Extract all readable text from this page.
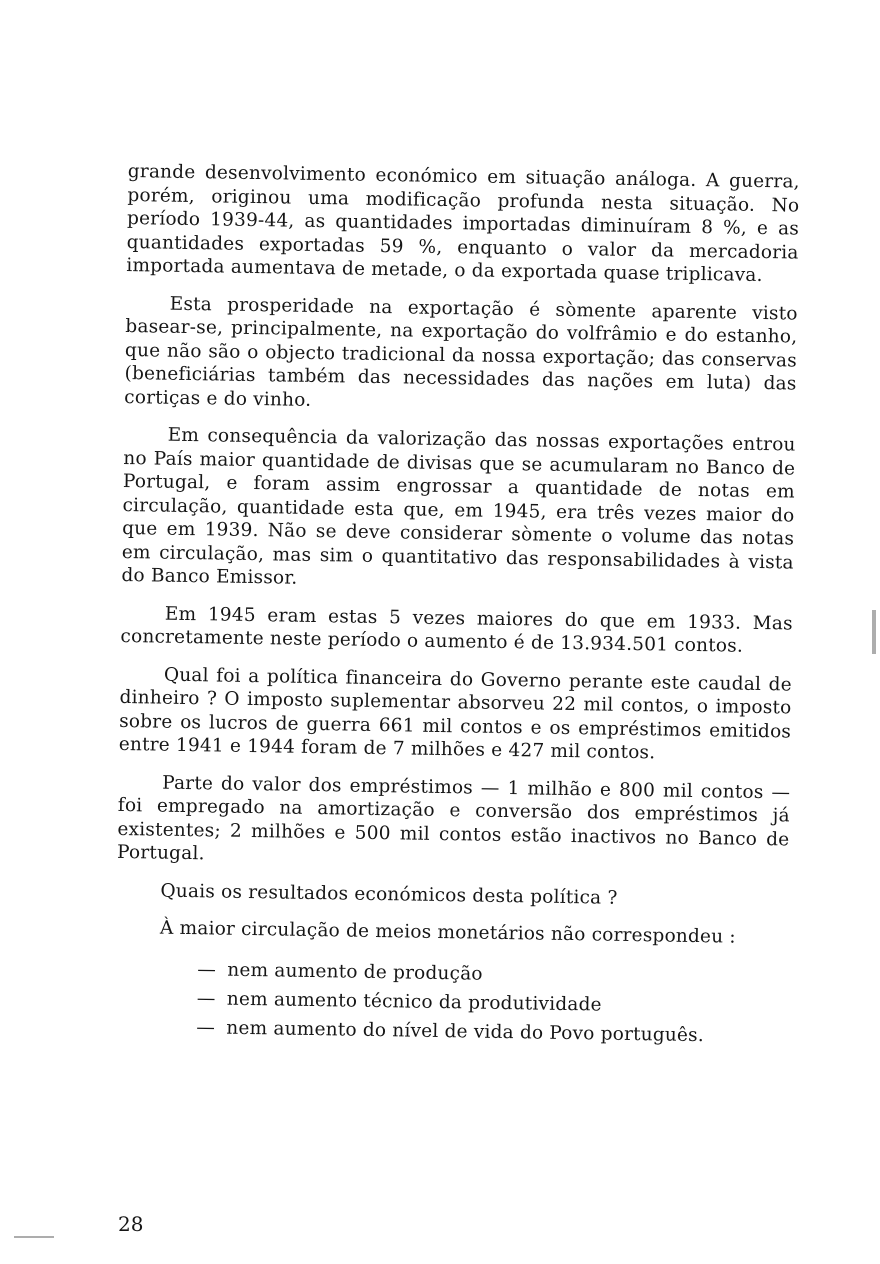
grande desenvolvimento económico em situação análoga. A guerra, porém, originou uma modificação profunda nesta situação. No período 1939-44, as quantidades importadas diminuíram 8 %, e as quantidades exportadas 59 %, enquanto o valor da mercadoria importada aumentava de metade, o da exportada quase triplicava.

Esta prosperidade na exportação é sòmente aparente visto basear-se, principalmente, na exportação do volfrâmio e do estanho, que não são o objecto tradicional da nossa exportação; das conservas (beneficiárias também das necessidades das nações em luta) das cortiças e do vinho.

Em consequência da valorização das nossas exportações entrou no País maior quantidade de divisas que se acumularam no Banco de Portugal, e foram assim engrossar a quantidade de notas em circulação, quantidade esta que, em 1945, era três vezes maior do que em 1939. Não se deve considerar sòmente o volume das notas em circulação, mas sim o quantitativo das responsabilidades à vista do Banco Emissor.

Em 1945 eram estas 5 vezes maiores do que em 1933. Mas concretamente neste período o aumento é de 13.934.501 contos.

Qual foi a política financeira do Governo perante este caudal de dinheiro ? O imposto suplementar absorveu 22 mil contos, o imposto sobre os lucros de guerra 661 mil contos e os empréstimos emitidos entre 1941 e 1944 foram de 7 milhões e 427 mil contos.

Parte do valor dos empréstimos — 1 milhão e 800 mil contos — foi empregado na amortização e conversão dos empréstimos já existentes; 2 milhões e 500 mil contos estão inactivos no Banco de Portugal.

Quais os resultados económicos desta política ?

À maior circulação de meios monetários não correspondeu :

— nem aumento de produção
— nem aumento técnico da produtividade
— nem aumento do nível de vida do Povo português.
28
